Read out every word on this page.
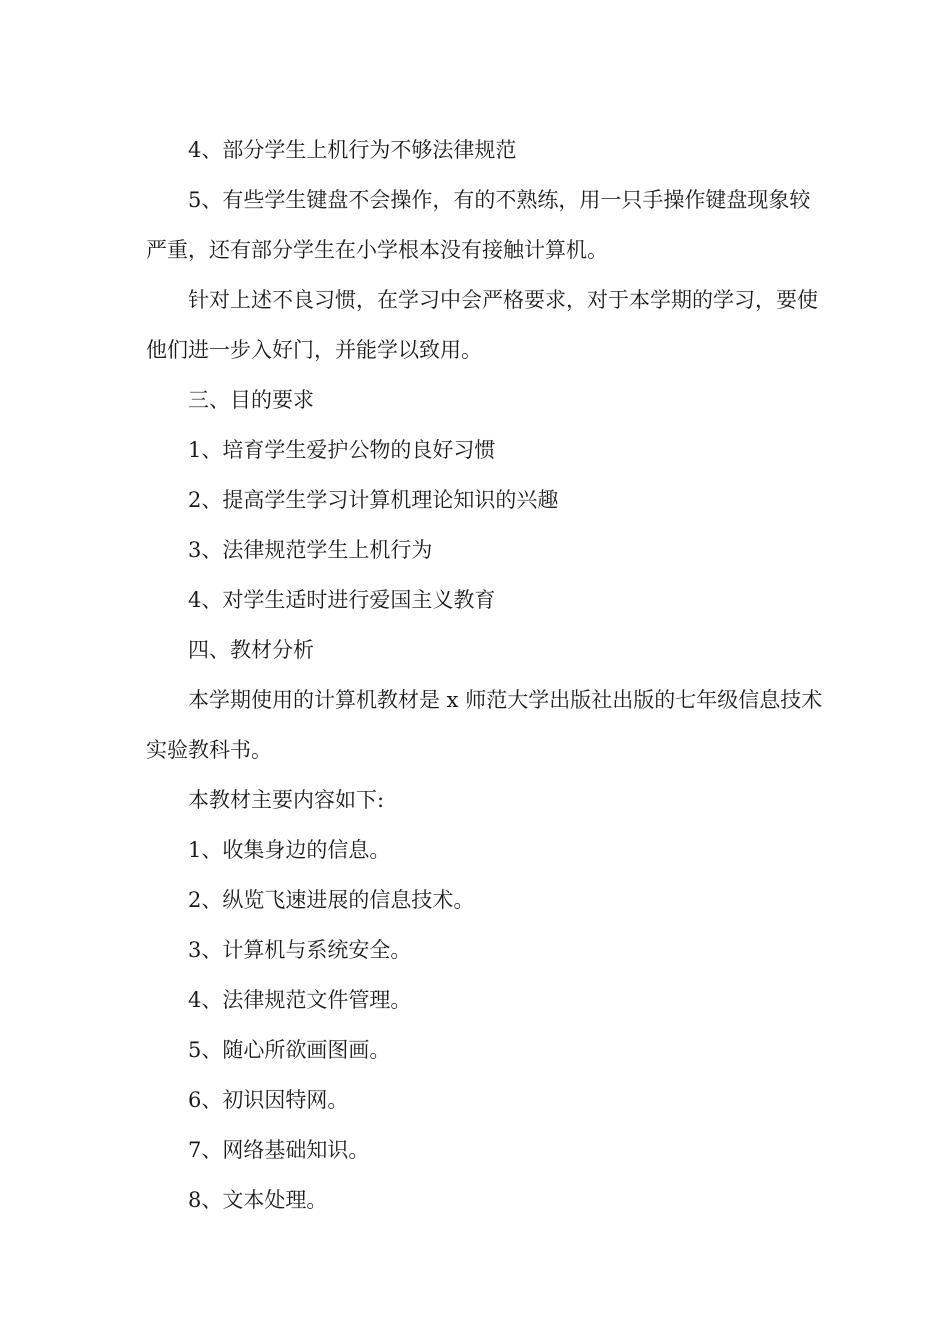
4、部分学生上机行为不够法律规范

5、有些学生键盘不会操作，有的不熟练，用一只手操作键盘现象较严重，还有部分学生在小学根本没有接触计算机。

针对上述不良习惯，在学习中会严格要求，对于本学期的学习，要使他们进一步入好门，并能学以致用。

三、目的要求

1、培育学生爱护公物的良好习惯

2、提高学生学习计算机理论知识的兴趣

3、法律规范学生上机行为

4、对学生适时进行爱国主义教育

四、教材分析

本学期使用的计算机教材是 x 师范大学出版社出版的七年级信息技术实验教科书。

本教材主要内容如下:

1、收集身边的信息。

2、纵览飞速进展的信息技术。

3、计算机与系统安全。

4、法律规范文件管理。

5、随心所欲画图画。

6、初识因特网。

7、网络基础知识。

8、文本处理。
